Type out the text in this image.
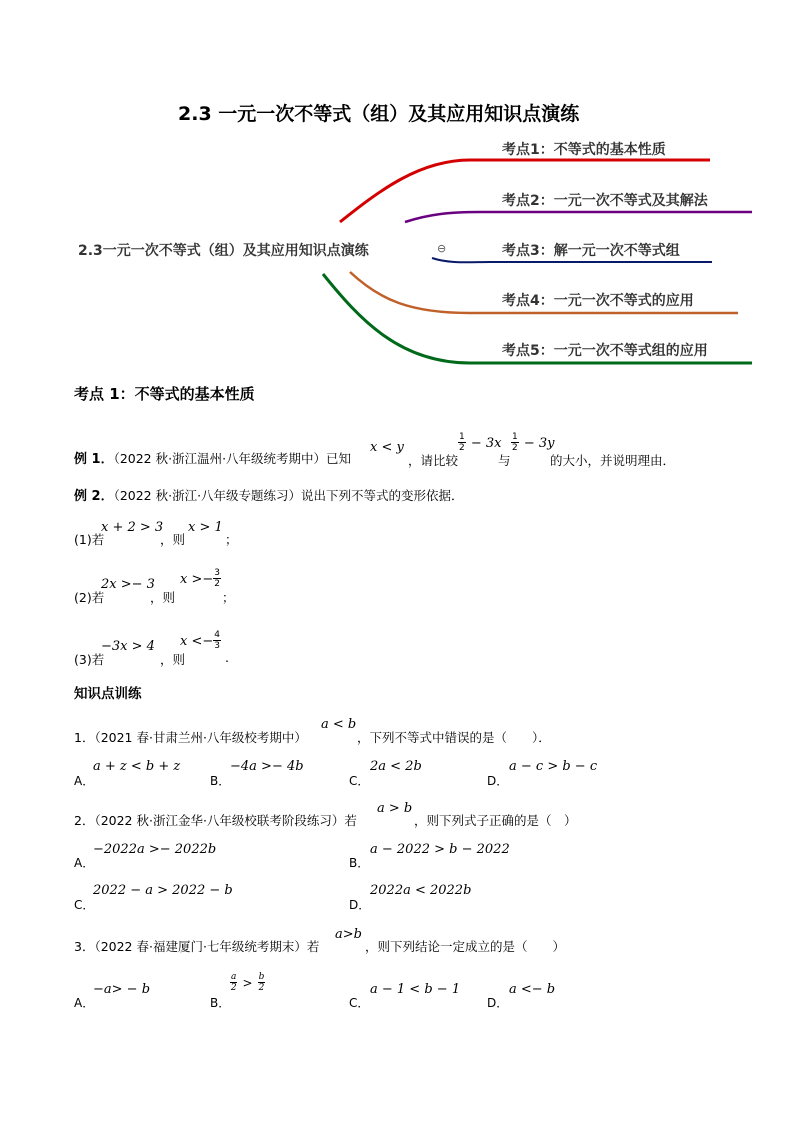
2.3 一元一次不等式（组）及其应用知识点演练
2.3一元一次不等式（组）及其应用知识点演练	⊖
考点1：不等式的基本性质
考点2：一元一次不等式及其解法
考点3：解一元一次不等式组
考点4：一元一次不等式的应用
考点5：一元一次不等式组的应用
考点 1：不等式的基本性质
例 1．（2022 秋·浙江温州·八年级统考期中）已知
x < y
，请比较
$\frac{1}{2} - 3x$
与
$\frac{1}{2} - 3y$
的大小，并说明理由．
例 2．（2022 秋·浙江·八年级专题练习）说出下列不等式的变形依据．
(1)若
x + 2 > 3
，则
x > 1
；
(2)若
2x >− 3
，则
$x >- \frac{3}{2}$
；
(3)若
−3x > 4
，则
$x <- \frac{4}{3}$
.
知识点训练
1．（2021 春·甘肃兰州·八年级校考期中）
a < b
，下列不等式中错误的是（　　）．
A．
a + z < b + z
B．
−4a >− 4b
C．
2a < 2b
D．
a − c > b − c
2．（2022 秋·浙江金华·八年级校联考阶段练习）若
a > b
，则下列式子正确的是（　）
A．
−2022a >− 2022b
B．
a − 2022 > b − 2022
C．
2022 − a > 2022 − b
D．
2022a < 2022b
3．（2022 春·福建厦门·七年级统考期末）若
a>b
，则下列结论一定成立的是（　　）
A．
−a> − b
B．
$\frac{a}{2} > \frac{b}{2}$
C．
a − 1 < b − 1
D．
a <− b
